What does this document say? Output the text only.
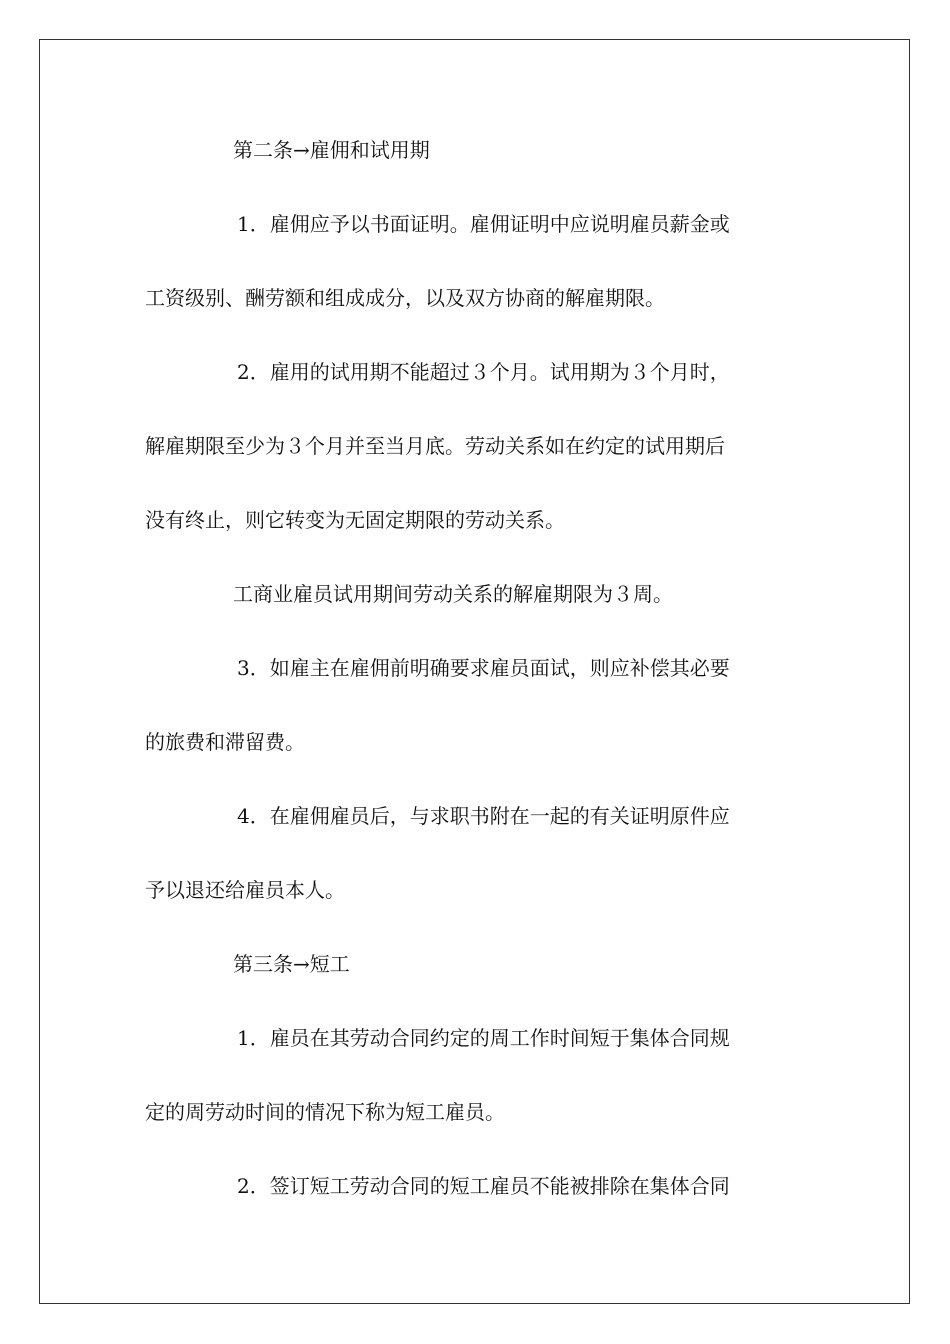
第二条→雇佣和试用期
1．雇佣应予以书面证明。雇佣证明中应说明雇员薪金或
工资级别、酬劳额和组成成分，以及双方协商的解雇期限。
2．雇用的试用期不能超过３个月。试用期为３个月时，
解雇期限至少为３个月并至当月底。劳动关系如在约定的试用期后
没有终止，则它转变为无固定期限的劳动关系。
工商业雇员试用期间劳动关系的解雇期限为３周。
3．如雇主在雇佣前明确要求雇员面试，则应补偿其必要
的旅费和滞留费。
4．在雇佣雇员后，与求职书附在一起的有关证明原件应
予以退还给雇员本人。
第三条→短工
1．雇员在其劳动合同约定的周工作时间短于集体合同规
定的周劳动时间的情况下称为短工雇员。
2．签订短工劳动合同的短工雇员不能被排除在集体合同
